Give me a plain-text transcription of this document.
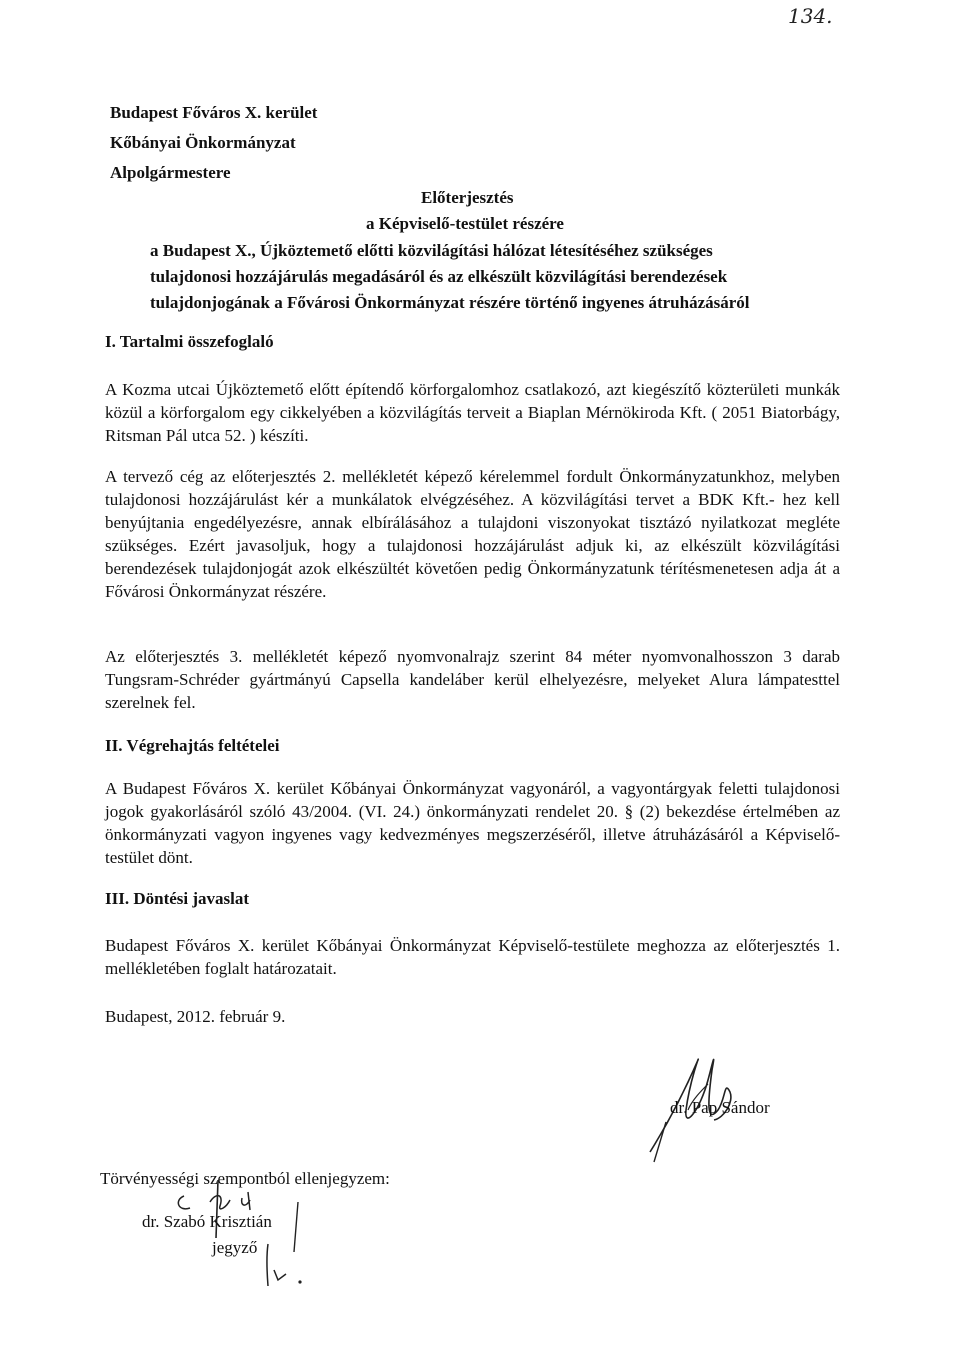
134.
Budapest Főváros X. kerület
Kőbányai Önkormányzat
Alpolgármestere
Előterjesztés
a Képviselő-testület részére
a Budapest X., Újköztemető előtti közvilágítási hálózat létesítéséhez szükséges
tulajdonosi hozzájárulás megadásáról és az elkészült közvilágítási berendezések
tulajdonjogának a Fővárosi Önkormányzat részére történő ingyenes átruházásáról
I. Tartalmi összefoglaló

A Kozma utcai Újköztemető előtt építendő körforgalomhoz csatlakozó, azt kiegészítő közterületi munkák közül a körforgalom egy cikkelyében a közvilágítás terveit a Biaplan Mérnökiroda Kft. ( 2051 Biatorbágy, Ritsman Pál utca 52. ) készíti.

A tervező cég az előterjesztés 2. mellékletét képező kérelemmel fordult Önkormányzatunkhoz, melyben tulajdonosi hozzájárulást kér a munkálatok elvégzéséhez. A közvilágítási tervet a BDK Kft.- hez kell benyújtania engedélyezésre, annak elbírálásához a tulajdoni viszonyokat tisztázó nyilatkozat megléte szükséges. Ezért javasoljuk, hogy a tulajdonosi hozzájárulást adjuk ki, az elkészült közvilágítási berendezések tulajdonjogát azok elkészültét követően pedig Önkormányzatunk térítésmenetesen adja át a Fővárosi Önkormányzat részére.

Az előterjesztés 3. mellékletét képező nyomvonalrajz szerint 84 méter nyomvonalhosszon 3 darab Tungsram-Schréder gyártmányú Capsella kandeláber kerül elhelyezésre, melyeket Alura lámpatesttel szerelnek fel.

II. Végrehajtás feltételei

A Budapest Főváros X. kerület Kőbányai Önkormányzat vagyonáról, a vagyontárgyak feletti tulajdonosi jogok gyakorlásáról szóló 43/2004. (VI. 24.) önkormányzati rendelet 20. § (2) bekezdése értelmében az önkormányzati vagyon ingyenes vagy kedvezményes megszerzéséről, illetve átruházásáról a Képviselő-testület dönt.

III. Döntési javaslat

Budapest Főváros X. kerület Kőbányai Önkormányzat Képviselő-testülete meghozza az előterjesztés 1. mellékletében foglalt határozatait.

Budapest, 2012. február 9.
dr. Pap Sándor
Törvényességi szempontból ellenjegyzem:
dr. Szabó Krisztián
jegyző
